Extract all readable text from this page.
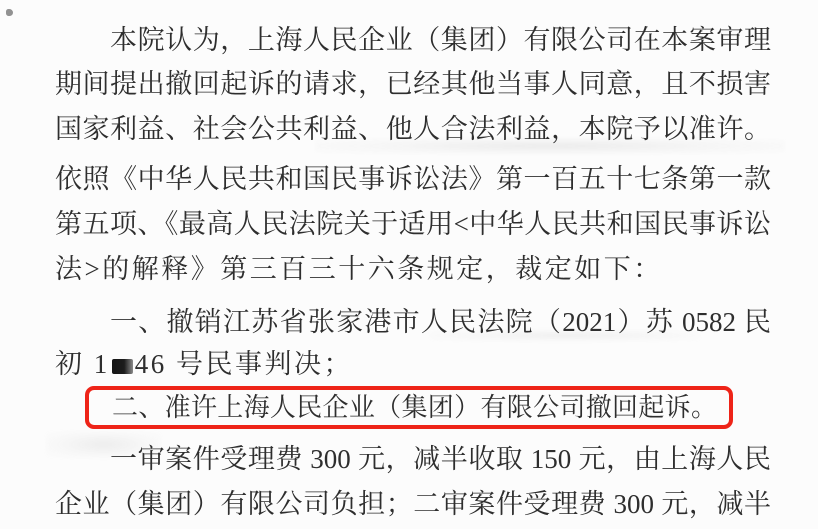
本院认为，上海人民企业（集团）有限公司在本案审理
期间提出撤回起诉的请求，已经其他当事人同意，且不损害
国家利益、社会公共利益、他人合法利益，本院予以准许。
依照《中华人民共和国民事诉讼法》第一百五十七条第一款
第五项、《最高人民法院关于适用<中华人民共和国民事诉讼
法>的解释》第三百三十六条规定，裁定如下：
一、撤销江苏省张家港市人民法院（2021）苏 0582 民
初 1 46 号民事判决；
二、准许上海人民企业（集团）有限公司撤回起诉。
一审案件受理费 300 元，减半收取 150 元，由上海人民
企业（集团）有限公司负担；二审案件受理费 300 元，减半
